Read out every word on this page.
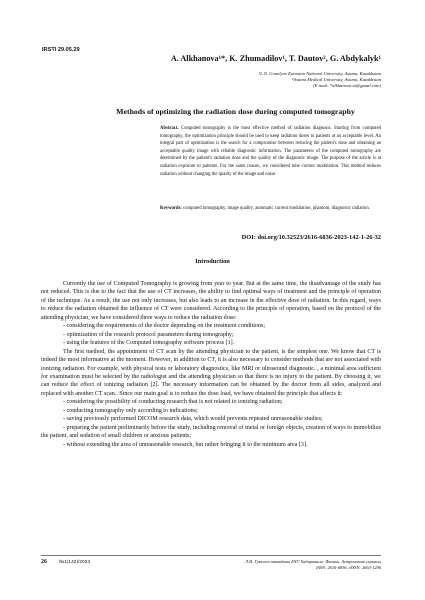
IRSTI 29.05.29
A. Alkhanova¹*, K. Zhumadilov¹, T. Dautov², G. Abdykalyk¹
¹L.N. Gumilyov Eurasian National University, Astana, Kazakhstan
²Astana Medical University, Astana, Kazakhstan
(E-mail: *alkhanova.ai@gmail.com)
Methods of optimizing the radiation dose during computed tomography
Abstract. Computed tomography is the most effective method of radiation diagnosis. Starting from computed tomography, the optimization principle should be used to keep radiation doses to patients at an acceptable level. An integral part of optimization is the search for a compromise between reducing the patient's dose and obtaining an acceptable quality image with reliable diagnostic information. The parameters of the computed tomography are determined by the patient's radiation dose and the quality of the diagnostic image. The purpose of the article is at radiation exposure to patients. For the same reason, we considered tube current modulation. This method reduces radiation without changing the quality of the image and noise.
Keywords: computed tomography, image quality, automatic current modulation, phantom, diagnostic radiation.
DOI: doi.org/10.32523/2616-6836-2023-142-1-26-32
Introduction

Currently the use of Computed Tomography is growing from year to year. But at the same time, the disadvantage of the study has not reduced. This is due to the fact that the use of CT increases, the ability to find optimal ways of treatment and the principle of operation of the technique. As a result, the use not only increases, but also leads to an increase in the effective dose of radiation. In this regard, ways to reduce the radiation obtained the influence of CT were considered. According to the principle of operation, based on the protocol of the attending physician, we have considered three ways to reduce the radiation dose:

- considering the requirements of the doctor depending on the treatment conditions;

- optimization of the research protocol parameters during tomography;

- using the features of the Computed tomography software process [1].

The first method, the appointment of CT scan by the attending physician to the patient, is the simplest one. We know that CT is indeed the most informative at the moment. However, in addition to CT, it is also necessary to consider methods that are not associated with ionizing radiation. For example, with physical tests or laboratory diagnostics, like MRI or ultrasound diagnostic. , a minimal area sufficient for examination must be selected by the radiologist and the attending physician so that there is no injury to the patient. By choosing it, we can reduce the effect of ionizing radiation [2]. The necessary information can be obtained by the doctor from all sides, analyzed and replaced with another CT scan.. Since our main goal is to reduce the dose load, we have obtained the principle that affects it:

- considering the possibility of conducting research that is not related to ionizing radiation;

- conducting tomography only according to indications;

- saving previously performed DICOM research data, which would prevents repeated unreasonable studies;

- preparing the patient preliminarily before the study, including removal of metal or foreign objects, creation of ways to immobilize the patient, and sedation of small children or anxious patients;

- without extending the area of unreasonable research, but rather bringing it to the minimum area [3].

26	№1(142)/2023	Л.Н. Гумилев атындағы ЕҰУ Хабаршысы. Физика. Астрономия сериясы
ISSN: 2616-6836, eISSN: 2663-1296
